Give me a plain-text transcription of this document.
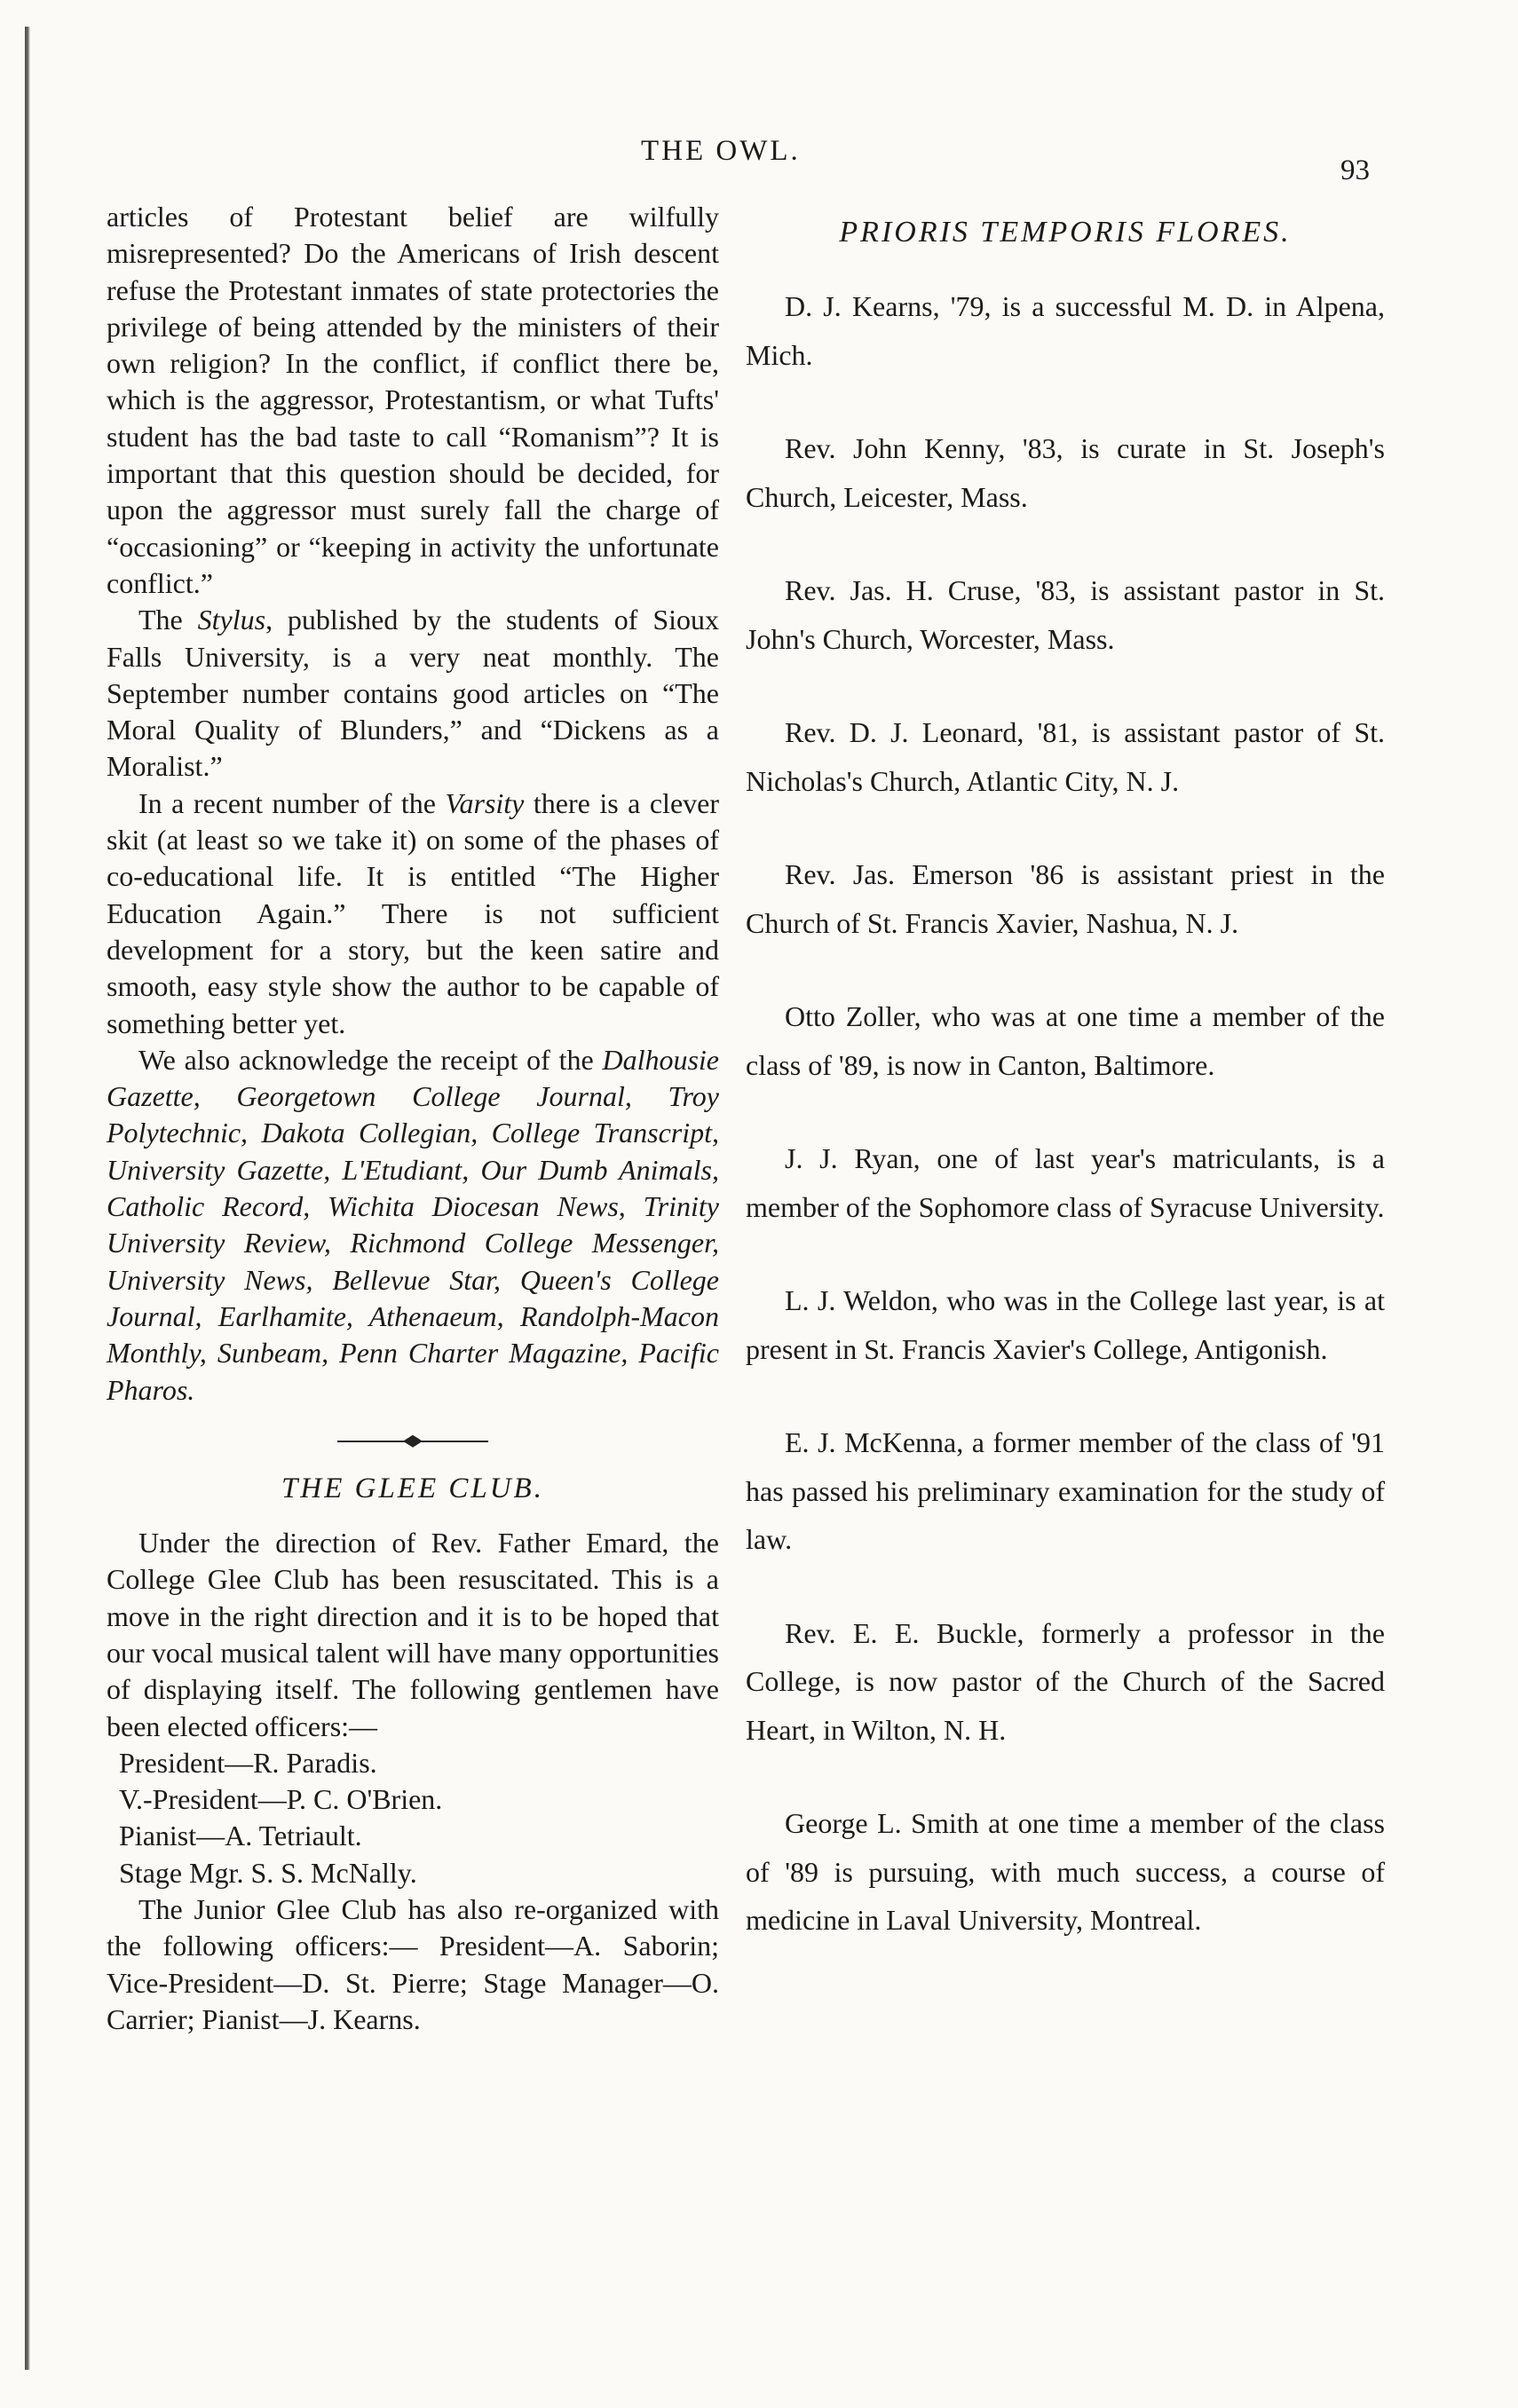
THE OWL.
93

articles of Protestant belief are wilfully misrepresented? Do the Americans of Irish descent refuse the Protestant inmates of state protectories the privilege of being attended by the ministers of their own religion? In the conflict, if conflict there be, which is the aggressor, Protestantism, or what Tufts' student has the bad taste to call “Romanism”? It is important that this question should be decided, for upon the aggressor must surely fall the charge of “occasioning” or “keeping in activity the unfortunate conflict.”

The Stylus, published by the students of Sioux Falls University, is a very neat monthly. The September number contains good articles on “The Moral Quality of Blunders,” and “Dickens as a Moralist.”

In a recent number of the Varsity there is a clever skit (at least so we take it) on some of the phases of co-educational life. It is entitled “The Higher Education Again.” There is not sufficient development for a story, but the keen satire and smooth, easy style show the author to be capable of something better yet.

We also acknowledge the receipt of the Dalhousie Gazette, Georgetown College Journal, Troy Polytechnic, Dakota Collegian, College Transcript, University Gazette, L'Etudiant, Our Dumb Animals, Catholic Record, Wichita Diocesan News, Trinity University Review, Richmond College Messenger, University News, Bellevue Star, Queen's College Journal, Earlhamite, Athenaeum, Randolph-Macon Monthly, Sunbeam, Penn Charter Magazine, Pacific Pharos.

THE GLEE CLUB.

Under the direction of Rev. Father Emard, the College Glee Club has been resuscitated. This is a move in the right direction and it is to be hoped that our vocal musical talent will have many opportunities of displaying itself. The following gentlemen have been elected officers:—

President—R. Paradis.

V.-President—P. C. O'Brien.

Pianist—A. Tetriault.

Stage Mgr. S. S. McNally.

The Junior Glee Club has also re-organized with the following officers:— President—A. Saborin; Vice-President—D. St. Pierre; Stage Manager—O. Carrier; Pianist—J. Kearns.

PRIORIS TEMPORIS FLORES.

D. J. Kearns, '79, is a successful M. D. in Alpena, Mich.

Rev. John Kenny, '83, is curate in St. Joseph's Church, Leicester, Mass.

Rev. Jas. H. Cruse, '83, is assistant pastor in St. John's Church, Worcester, Mass.

Rev. D. J. Leonard, '81, is assistant pastor of St. Nicholas's Church, Atlantic City, N. J.

Rev. Jas. Emerson '86 is assistant priest in the Church of St. Francis Xavier, Nashua, N. J.

Otto Zoller, who was at one time a member of the class of '89, is now in Canton, Baltimore.

J. J. Ryan, one of last year's matriculants, is a member of the Sophomore class of Syracuse University.

L. J. Weldon, who was in the College last year, is at present in St. Francis Xavier's College, Antigonish.

E. J. McKenna, a former member of the class of '91 has passed his preliminary examination for the study of law.

Rev. E. E. Buckle, formerly a professor in the College, is now pastor of the Church of the Sacred Heart, in Wilton, N. H.

George L. Smith at one time a member of the class of '89 is pursuing, with much success, a course of medicine in Laval University, Montreal.
